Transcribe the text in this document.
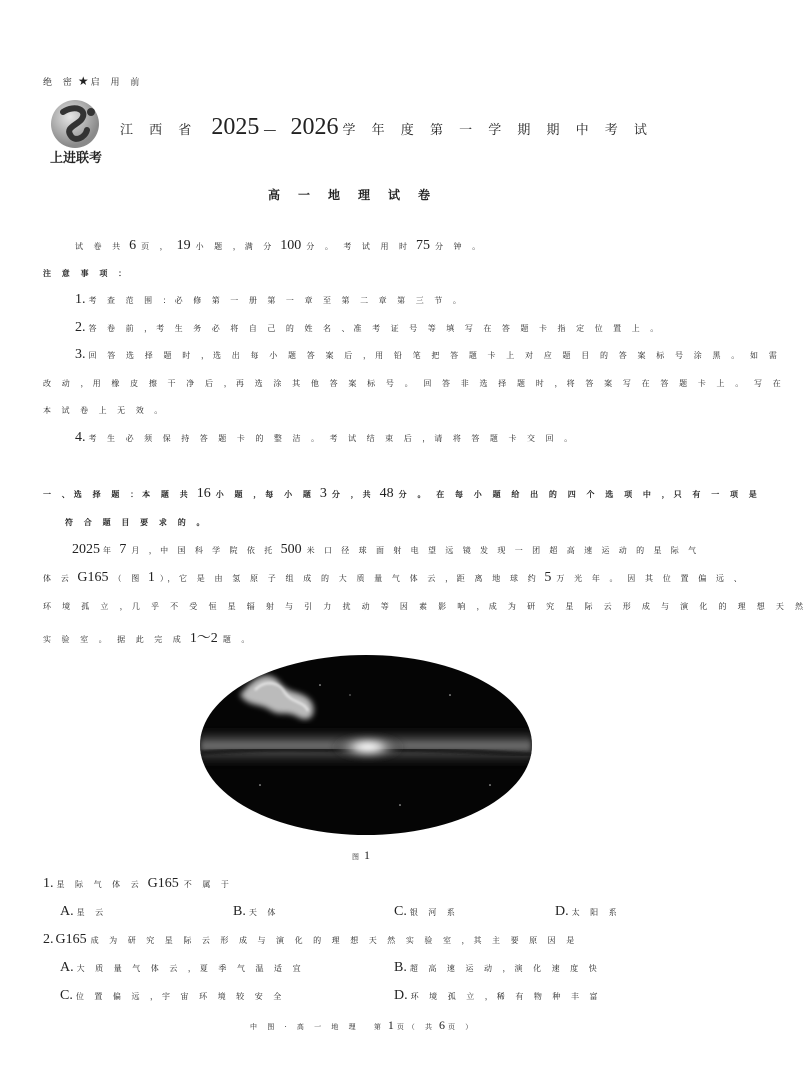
绝 密 ★ 启 用 前
上进联考
江 西 省 2025 — 2026 学 年 度 第 一 学 期 期 中 考 试
高一地理试卷
试 卷 共 6 页 ， 19 小 题 ，满 分 100 分 。 考 试 用 时 75 分 钟 。
注 意 事 项 ：
1. 考 查 范 围 ：必 修 第 一 册 第 一 章 至 第 二 章 第 三 节 。
2. 答 卷 前 ，考 生 务 必 将 自 己 的 姓 名 、准 考 证 号 等 填 写 在 答 题 卡 指 定 位 置 上 。
3. 回 答 选 择 题 时 ，选 出 每 小 题 答 案 后 ，用 铅 笔 把 答 题 卡 上 对 应 题 目 的 答 案 标 号 涂 黑 。 如 需
改 动 ，用 橡 皮 擦 干 净 后 ，再 选 涂 其 他 答 案 标 号 。 回 答 非 选 择 题 时 ，将 答 案 写 在 答 题 卡 上 。 写 在
本 试 卷 上 无 效 。
4. 考 生 必 须 保 持 答 题 卡 的 整 洁 。 考 试 结 束 后 ，请 将 答 题 卡 交 回 。
一 、选 择 题 ：本 题 共 16 小 题 ，每 小 题 3 分 ，共 48 分 。 在 每 小 题 给 出 的 四 个 选 项 中 ，只 有 一 项 是
符 合 题 目 要 求 的 。
2025 年 7 月 ，中 国 科 学 院 依 托 500 米 口 径 球 面 射 电 望 远 镜 发 现 一 团 超 高 速 运 动 的 星 际 气
体 云 G165 （ 图 1 ），它 是 由 氢 原 子 组 成 的 大 质 量 气 体 云 ，距 离 地 球 约 5 万 光 年 。 因 其 位 置 偏 远 、
环 境 孤 立 ，几 乎 不 受 恒 星 辐 射 与 引 力 扰 动 等 因 素 影 响 ，成 为 研 究 星 际 云 形 成 与 演 化 的 理 想 天 然
实 验 室 。 据 此 完 成 1～2 题 。
图 1
1. 星 际 气 体 云 G165 不 属 于
A. 星 云	B. 天 体	C. 银 河 系	D. 太 阳 系
2. G165 成 为 研 究 星 际 云 形 成 与 演 化 的 理 想 天 然 实 验 室 ，其 主 要 原 因 是
A. 大 质 量 气 体 云 ，夏 季 气 温 适 宜	B. 超 高 速 运 动 ，演 化 速 度 快
C. 位 置 偏 远 ，宇 宙 环 境 较 安 全	D. 环 境 孤 立 ，稀 有 物 种 丰 富
中 图 · 高 一 地 理 第 1 页（ 共 6 页 ）
